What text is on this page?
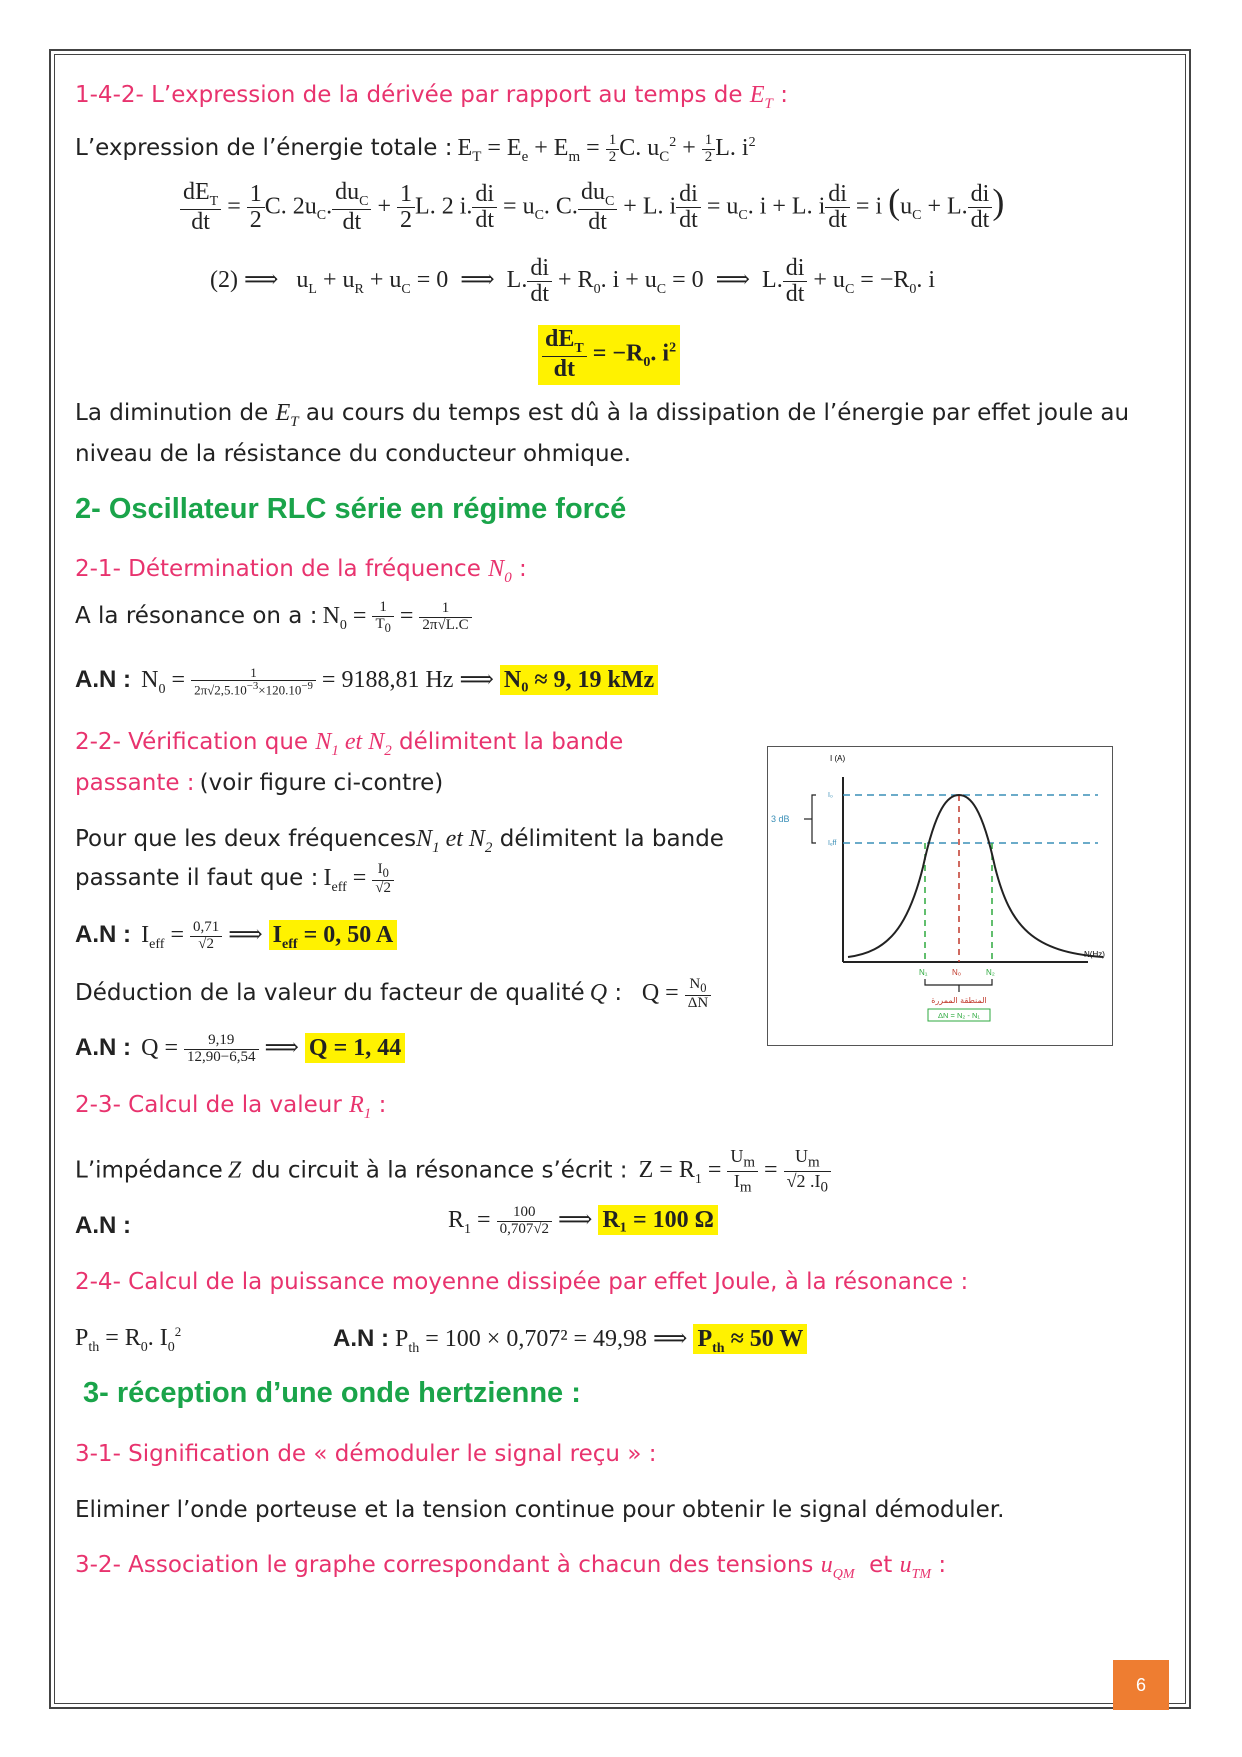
1-4-2- L’expression de la dérivée par rapport au temps de $E_T$ :
L’expression de l’énergie totale : $E_T = E_e + E_m = \frac{1}{2} C$. $u_C^2 + \frac{1}{2} L$. $i^2$
$\frac{dE_T}{dt} = \frac{1}{2} C$. $2u_C$. $\frac{du_C}{dt} + \frac{1}{2} L$. 2 i. $\frac{di}{dt} = u_C$. C. $\frac{du_C}{dt} + L$. i $\frac{di}{dt} = u_C$. i + L. i $\frac{di}{dt} = i$ ($u_C + L$. $\frac{di}{dt}$ )
(2) ⟹   $u_L + u_R + u_C = 0$  ⟹  L. $\frac{di}{dt} + R_0$. $i + u_C = 0$  ⟹  L. $\frac{di}{dt} + u_C = -R_0$. i
$\frac{dE_T}{dt} = -R_0$. $i^2$
La diminution de $E_T$ au cours du temps est dû à la dissipation de l’énergie par effet joule au
niveau de la résistance du conducteur ohmique.
2- Oscillateur RLC série en régime forcé
2-1- Détermination de la fréquence $N_0$ :
A la résonance on a : $N_0 = \frac{1}{T_0} = \frac{1}{2\pi√L.C}$
A.N : $N_0 = \frac{1}{2\pi√2,5.10^{-3}\times 120.10^{-9}} = 9188,81$ Hz ⟹ N₀ ≈ 9, 19 kMz
2-2- Vérification que $N_1$ et $N_2$ délimitent la bande
passante : (voir figure ci-contre)
Pour que les deux fréquencesN$_1$ et $N_2$ délimitent la bande
passante il faut que : $I_{eff} = \frac{I_0}{√2}$
A.N : $I_{eff} = \frac{0,71}{√2}$ ⟹ $I_{eff} = 0$, 50 A
Déduction de la valeur du facteur de qualité Q :   $Q = \frac{N_0}{\Delta N}$
A.N : $Q = \frac{9,19}{12,90-6,54}$ ⟹ Q = 1, 44
2-3- Calcul de la valeur $R_1$ :
L’impédance Z du circuit à la résonance s’écrit :  $Z = R_1 = \frac{U_m}{I_m} = \frac{U_m}{√2 .I_0}$
A.N :	$R_1 = \frac{100}{0,707√2}$ ⟹ R₁ = 100 Ω
2-4- Calcul de la puissance moyenne dissipée par effet Joule, à la résonance :
$P_{th} = R_0$. $I_0^2$	A.N : $P_{th} = 100 \times 0,707^2 = 49,98$ ⟹ $P_{th} \approx 50$ W
3- réception d’une onde hertzienne :
3-1- Signification de « démoduler le signal reçu » :
Eliminer l’onde porteuse et la tension continue pour obtenir le signal démoduler.
3-2- Association le graphe correspondant à chacun des tensions $u_{QM}$ et $u_{TM}$ :
I (A)
N(Hz)
I₀
Iₑff
3 dB
N₁	N₀	N₂
المنطقة الممررة
ΔN = N₂ - N₁
6
